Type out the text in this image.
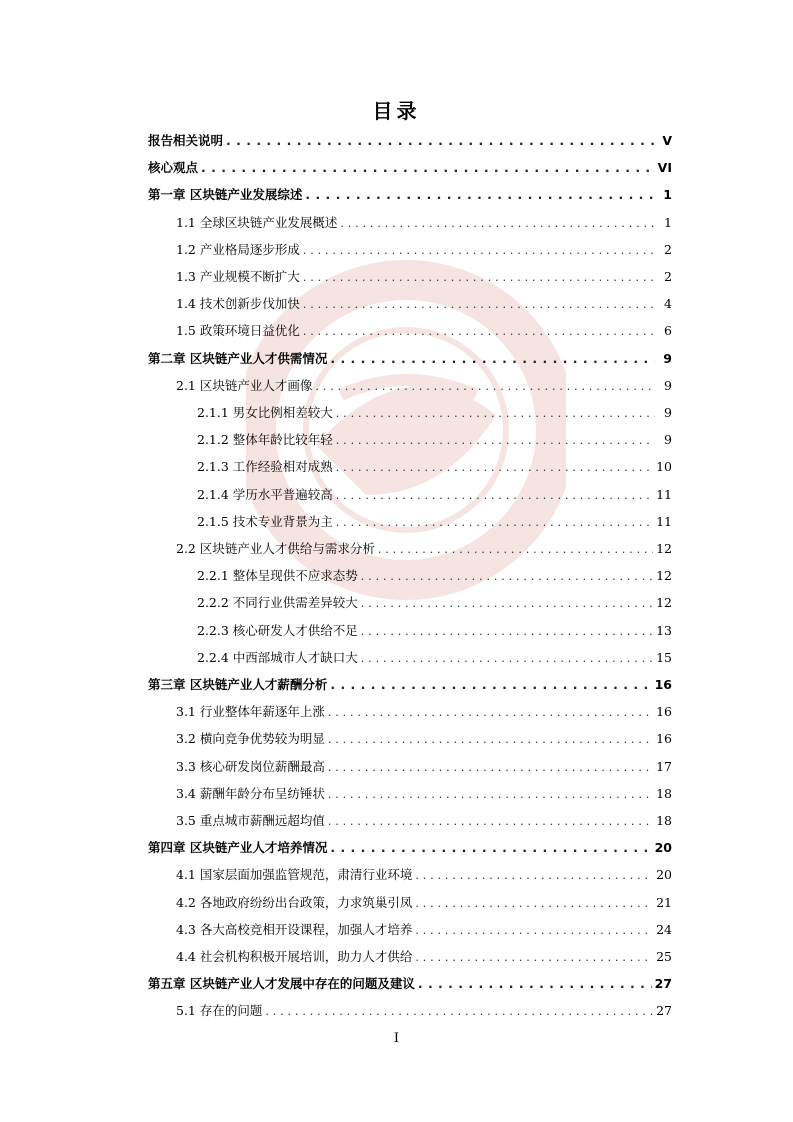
目录
报告相关说明 . . .	V
核心观点 . . .	VI
第一章 区块链产业发展综述 . . .	1
1.1 全球区块链产业发展概述 . . .	1
1.2 产业格局逐步形成 . . .	2
1.3 产业规模不断扩大 . . .	2
1.4 技术创新步伐加快 . . .	4
1.5 政策环境日益优化 . . .	6
第二章 区块链产业人才供需情况 . . .	9
2.1 区块链产业人才画像 . . .	9
2.1.1 男女比例相差较大 . . .	9
2.1.2 整体年龄比较年轻 . . .	9
2.1.3 工作经验相对成熟 . . .	10
2.1.4 学历水平普遍较高 . . .	11
2.1.5 技术专业背景为主 . . .	11
2.2 区块链产业人才供给与需求分析 . . .	12
2.2.1 整体呈现供不应求态势 . . .	12
2.2.2 不同行业供需差异较大 . . .	12
2.2.3 核心研发人才供给不足 . . .	13
2.2.4 中西部城市人才缺口大 . . .	15
第三章 区块链产业人才薪酬分析 . . .	16
3.1 行业整体年薪逐年上涨 . . .	16
3.2 横向竞争优势较为明显 . . .	16
3.3 核心研发岗位薪酬最高 . . .	17
3.4 薪酬年龄分布呈纺锤状 . . .	18
3.5 重点城市薪酬远超均值 . . .	18
第四章 区块链产业人才培养情况 . . .	20
4.1 国家层面加强监管规范，肃清行业环境 . . .	20
4.2 各地政府纷纷出台政策，力求筑巢引凤 . . .	21
4.3 各大高校竞相开设课程，加强人才培养 . . .	24
4.4 社会机构积极开展培训，助力人才供给 . . .	25
第五章 区块链产业人才发展中存在的问题及建议 . . .	27
5.1 存在的问题 . . .	27
I
